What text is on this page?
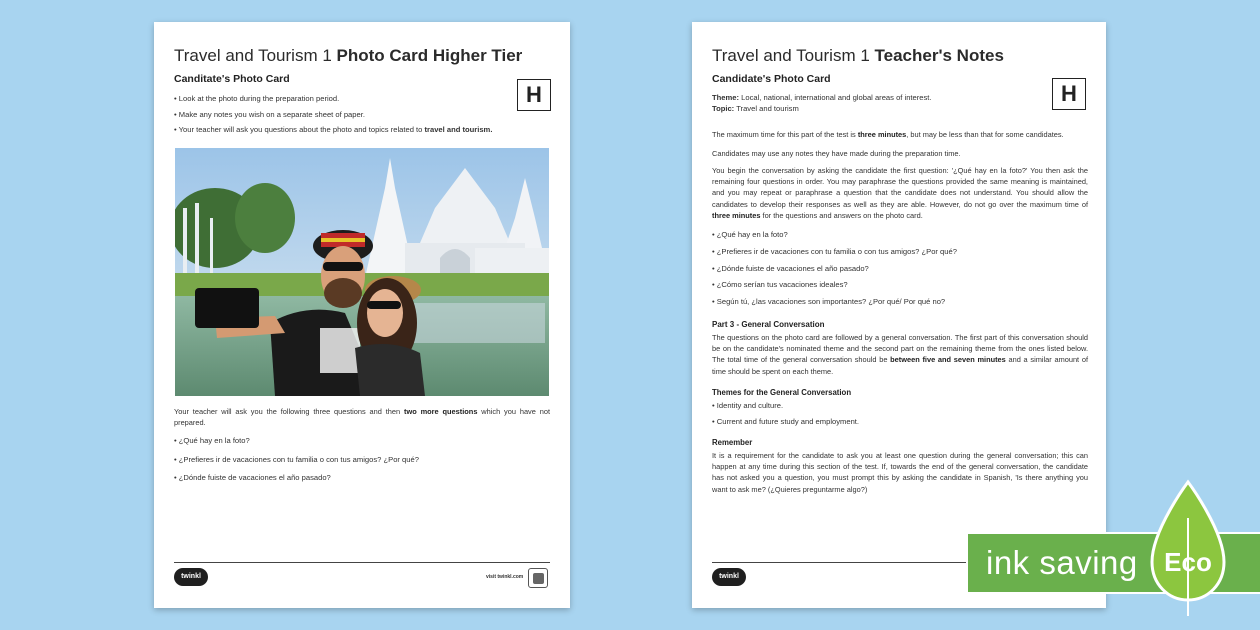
Travel and Tourism 1 Photo Card Higher Tier
Canditate's Photo Card
H
• Look at the photo during the preparation period.
• Make any notes you wish on a separate sheet of paper.
• Your teacher will ask you questions about the photo and topics related to travel and tourism.
Your teacher will ask you the following three questions and then two more questions which you have not prepared.
• ¿Qué hay en la foto?
• ¿Prefieres ir de vacaciones con tu familia o con tus amigos? ¿Por qué?
• ¿Dónde fuiste de vacaciones el año pasado?
twinkl	visit twinkl.com
Travel and Tourism 1 Teacher's Notes
Candidate's Photo Card
H
Theme: Local, national, international and global areas of interest.
Topic: Travel and tourism
The maximum time for this part of the test is three minutes, but may be less than that for some candidates.
Candidates may use any notes they have made during the preparation time.
You begin the conversation by asking the candidate the first question: '¿Qué hay en la foto?' You then ask the remaining four questions in order. You may paraphrase the questions provided the same meaning is maintained, and you may repeat or paraphrase a question that the candidate does not understand. You should allow the candidates to develop their responses as well as they are able. However, do not go over the maximum time of three minutes for the questions and answers on the photo card.
• ¿Qué hay en la foto?
• ¿Prefieres ir de vacaciones con tu familia o con tus amigos? ¿Por qué?
• ¿Dónde fuiste de vacaciones el año pasado?
• ¿Cómo serían tus vacaciones ideales?
• Según tú, ¿las vacaciones son importantes? ¿Por qué/ Por qué no?
Part 3 - General Conversation
The questions on the photo card are followed by a general conversation. The first part of this conversation should be on the candidate's nominated theme and the second part on the remaining theme from the ones listed below. The total time of the general conversation should be between five and seven minutes and a similar amount of time should be spent on each theme.
Themes for the General Conversation
• Identity and culture.
• Current and future study and employment.
Remember
It is a requirement for the candidate to ask you at least one question during the general conversation; this can happen at any time during this section of the test. If, towards the end of the general conversation, the candidate has not asked you a question, you must prompt this by asking the candidate in Spanish, 'Is there anything you want to ask me? (¿Quieres preguntarme algo?)
twinkl	ink saving Eco
